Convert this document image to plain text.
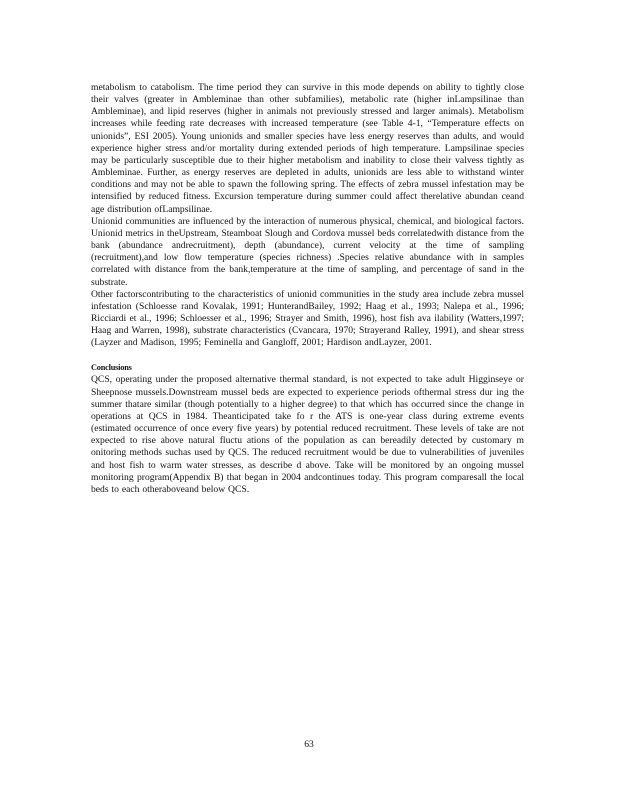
metabolism to catabolism. The time period they can survive in this mode depends on ability to tightly close their valves (greater in Ambleminae than other subfamilies), metabolic rate (higher inLampsilinae than Ambleminae), and lipid reserves (higher in animals not previously stressed and larger animals). Metabolism increases while feeding rate decreases with increased temperature (see Table 4-1, “Temperature effects on unionids”, ESI 2005). Young unionids and smaller species have less energy reserves than adults, and would experience higher stress and/or mortality during extended periods of high temperature. Lampsilinae species may be particularly susceptible due to their higher metabolism and inability to close their valvess tightly as Ambleminae. Further, as energy reserves are depleted in adults, unionids are less able to withstand winter conditions and may not be able to spawn the following spring. The effects of zebra mussel infestation may be intensified by reduced fitness. Excursion temperature during summer could affect therelative abundan ceand age distribution ofLampsilinae.

Unionid communities are influenced by the interaction of numerous physical, chemical, and biological factors. Unionid metrics in theUpstream, Steamboat Slough and Cordova mussel beds correlatedwith distance from the bank (abundance andrecruitment), depth (abundance), current velocity at the time of sampling (recruitment),and low flow temperature (species richness) .Species relative abundance with in samples correlated with distance from the bank,temperature at the time of sampling, and percentage of sand in the substrate.

Other factorscontributing to the characteristics of unionid communities in the study area include zebra mussel infestation (Schloesse rand Kovalak, 1991; HunterandBailey, 1992; Haag et al., 1993; Nalepa et al., 1996; Ricciardi et al., 1996; Schloesser et al., 1996; Strayer and Smith, 1996), host fish ava ilability (Watters,1997; Haag and Warren, 1998), substrate characteristics (Cvancara, 1970; Strayerand Ralley, 1991), and shear stress (Layzer and Madison, 1995; Feminella and Gangloff, 2001; Hardison andLayzer, 2001.

Conclusions

QCS, operating under the proposed alternative thermal standard, is not expected to take adult Higginseye or Sheepnose mussels.Downstream mussel beds are expected to experience periods ofthermal stress dur ing the summer thatare similar (though potentially to a higher degree) to that which has occurred since the change in operations at QCS in 1984. Theanticipated take fo r the ATS is one-year class during extreme events (estimated occurrence of once every five years) by potential reduced recruitment. These levels of take are not expected to rise above natural fluctu ations of the population as can bereadily detected by customary m onitoring methods suchas used by QCS. The reduced recruitment would be due to vulnerabilities of juveniles and host fish to warm water stresses, as describe d above. Take will be monitored by an ongoing mussel monitoring program(Appendix B) that began in 2004 andcontinues today. This program comparesall the local beds to each otheraboveand below QCS.

63
